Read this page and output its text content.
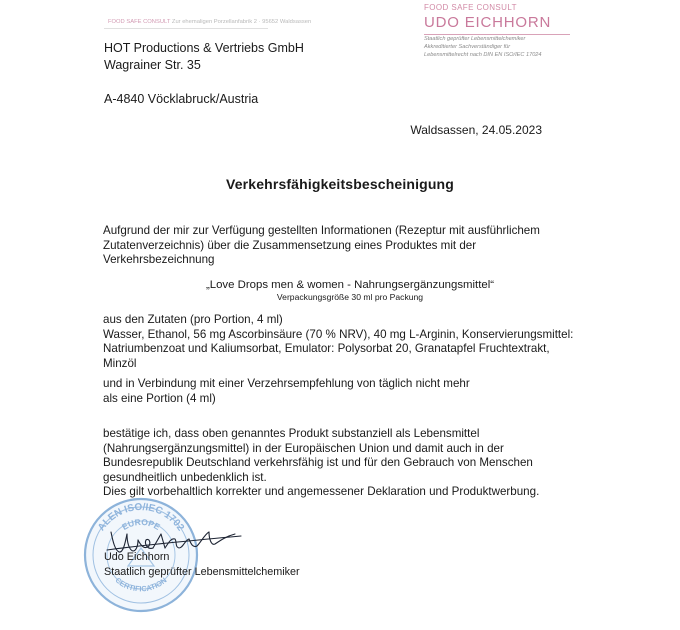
FOOD SAFE CONSULT
UDO EICHHORN
Staatlich geprüfter Lebensmittelchemiker
Akkreditierter Sachverständiger für
Lebensmittelrecht nach DIN EN ISO/IEC 17024
FOOD SAFE CONSULT Zur ehemaligen Porzellanfabrik 2 · 95652 Waldsassen
HOT Productions & Vertriebs GmbH
Wagrainer Str. 35
A-4840 Vöcklabruck/Austria
Waldsassen, 24.05.2023
Verkehrsfähigkeitsbescheinigung
Aufgrund der mir zur Verfügung gestellten Informationen (Rezeptur mit ausführlichem
Zutatenverzeichnis) über die Zusammensetzung eines Produktes mit der
Verkehrsbezeichnung
„Love Drops men & women - Nahrungsergänzungsmittel“
Verpackungsgröße 30 ml pro Packung
aus den Zutaten (pro Portion, 4 ml)
Wasser, Ethanol, 56 mg Ascorbinsäure (70 % NRV), 40 mg L-Arginin, Konservierungsmittel:
Natriumbenzoat und Kaliumsorbat, Emulator: Polysorbat 20, Granatapfel Fruchtextrakt,
Minzöl
und in Verbindung mit einer Verzehrsempfehlung von täglich nicht mehr
als eine Portion (4 ml)
bestätige ich, dass oben genanntes Produkt substanziell als Lebensmittel
(Nahrungsergänzungsmittel) in der Europäischen Union und damit auch in der
Bundesrepublik Deutschland verkehrsfähig ist und für den Gebrauch von Menschen
gesundheitlich unbedenklich ist.
Dies gilt vorbehaltlich korrekter und angemessener Deklaration und Produktwerbung.
ALEN ISO/IEC 1702
EUROPE
CERTIFICATION
Udo Eichhorn
Staatlich geprüfter Lebensmittelchemiker
